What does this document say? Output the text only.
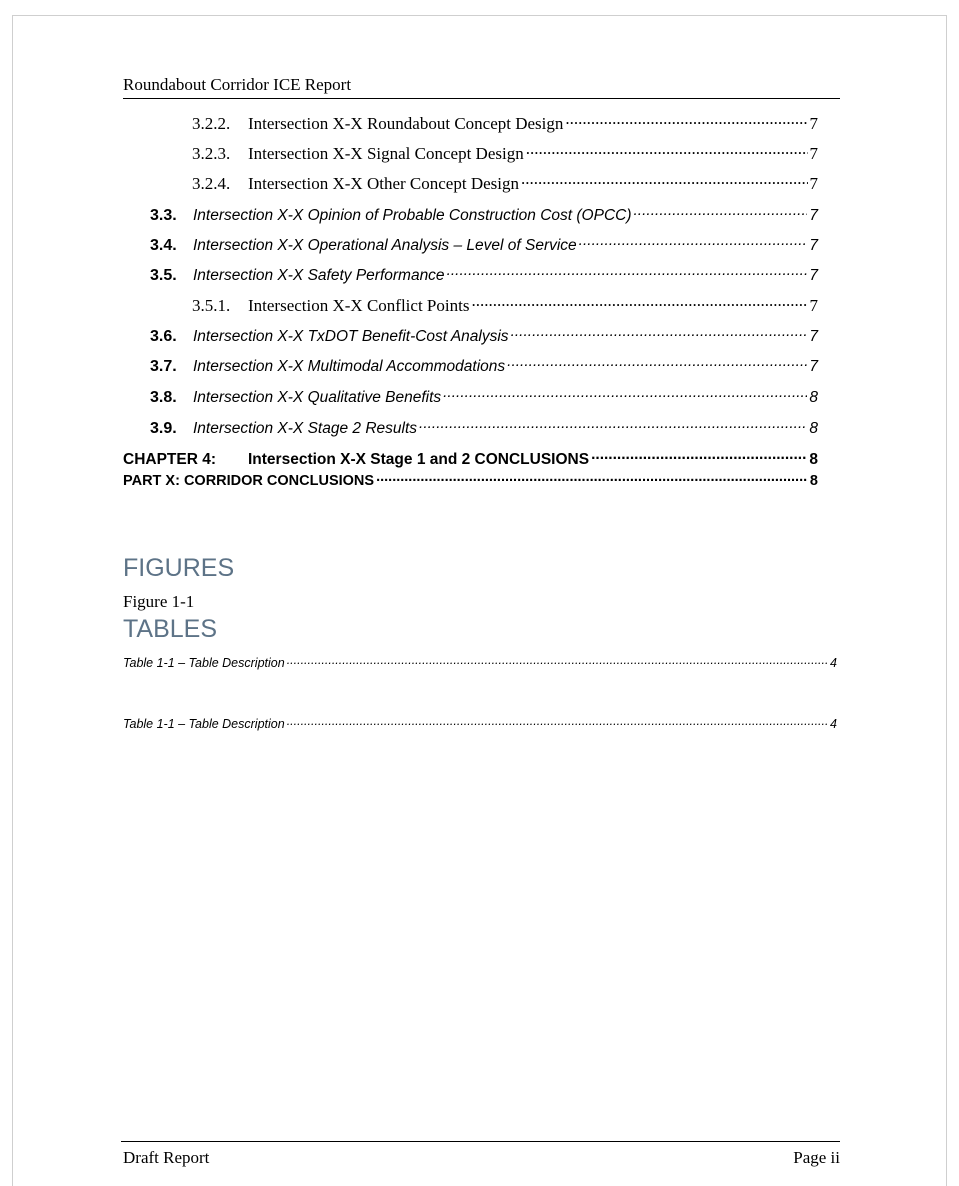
Roundabout Corridor ICE Report
3.2.2.	Intersection X-X Roundabout Concept Design .....	7
3.2.3.	Intersection X-X Signal Concept Design .....	7
3.2.4.	Intersection X-X Other Concept Design .....	7
3.3.	Intersection X-X Opinion of Probable Construction Cost (OPCC) .....	7
3.4.	Intersection X-X Operational Analysis – Level of Service .....	7
3.5.	Intersection X-X Safety Performance .....	7
3.5.1.	Intersection X-X Conflict Points .....	7
3.6.	Intersection X-X TxDOT Benefit-Cost Analysis .....	7
3.7.	Intersection X-X Multimodal Accommodations .....	7
3.8.	Intersection X-X Qualitative Benefits .....	8
3.9.	Intersection X-X Stage 2 Results .....	8
CHAPTER 4:	Intersection X-X Stage 1 and 2 CONCLUSIONS .....	8
PART X: CORRIDOR CONCLUSIONS .....	8
FIGURES
Figure 1-1
TABLES
Table 1-1 – Table Description .....	4
Table 1-1 – Table Description .....	4
Draft Report	Page ii
